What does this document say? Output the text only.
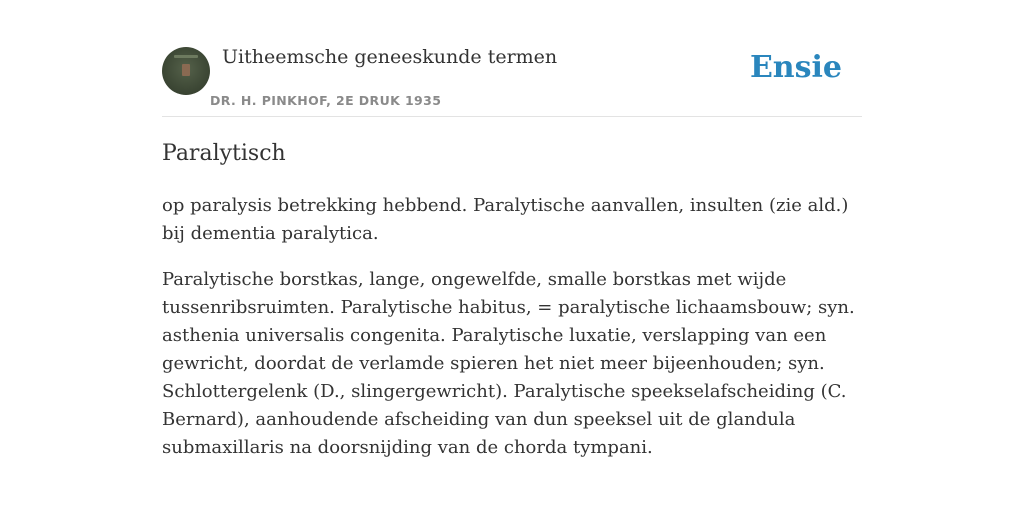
Uitheemsche geneeskunde termen
DR. H. PINKHOF, 2E DRUK 1935
Ensie
Paralytisch

op paralysis betrekking hebbend. Paralytische aanvallen, insulten (zie ald.) bij dementia paralytica.

Paralytische borstkas, lange, ongewelfde, smalle borstkas met wijde tussenribsruimten. Paralytische habitus, = paralytische lichaamsbouw; syn. asthenia universalis congenita. Paralytische luxatie, verslapping van een gewricht, doordat de verlamde spieren het niet meer bijeenhouden; syn. Schlottergelenk (D., slingergewricht). Paralytische speekselafscheiding (C. Bernard), aanhoudende afscheiding van dun speeksel uit de glandula submaxillaris na doorsnijding van de chorda tympani.
